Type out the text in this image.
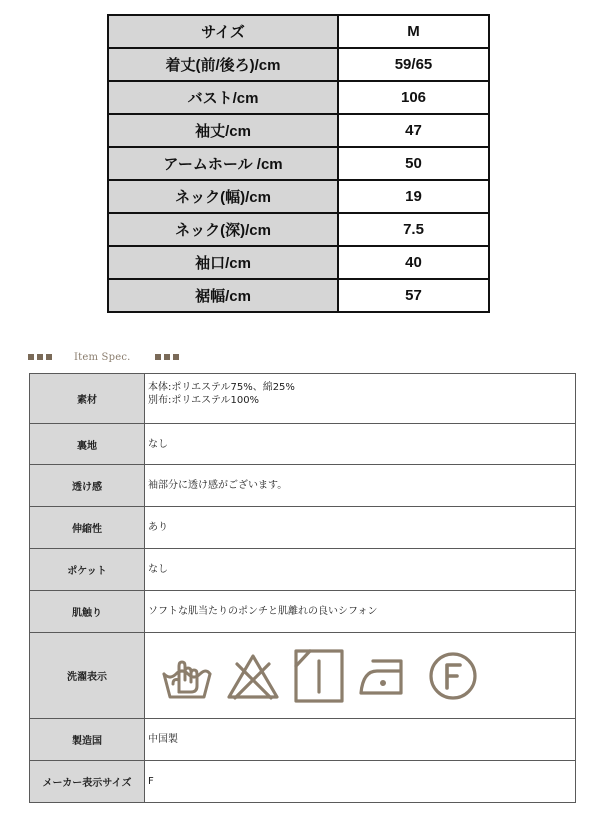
サイズ	M
着丈(前/後ろ)/cm	59/65
バスト/cm	106
袖丈/cm	47
アームホール /cm	50
ネック(幅)/cm	19
ネック(深)/cm	7.5
袖口/cm	40
裾幅/cm	57
Item Spec.
素材	本体:ポリエステル75%、綿25%
別布:ポリエステル100%

裏地	なし
透け感	袖部分に透け感がございます。
伸縮性	あり
ポケット	なし
肌触り	ソフトな肌当たりのポンチと肌離れの良いシフォン
洗濯表示	

製造国	中国製
メーカー表示サイズ	F
